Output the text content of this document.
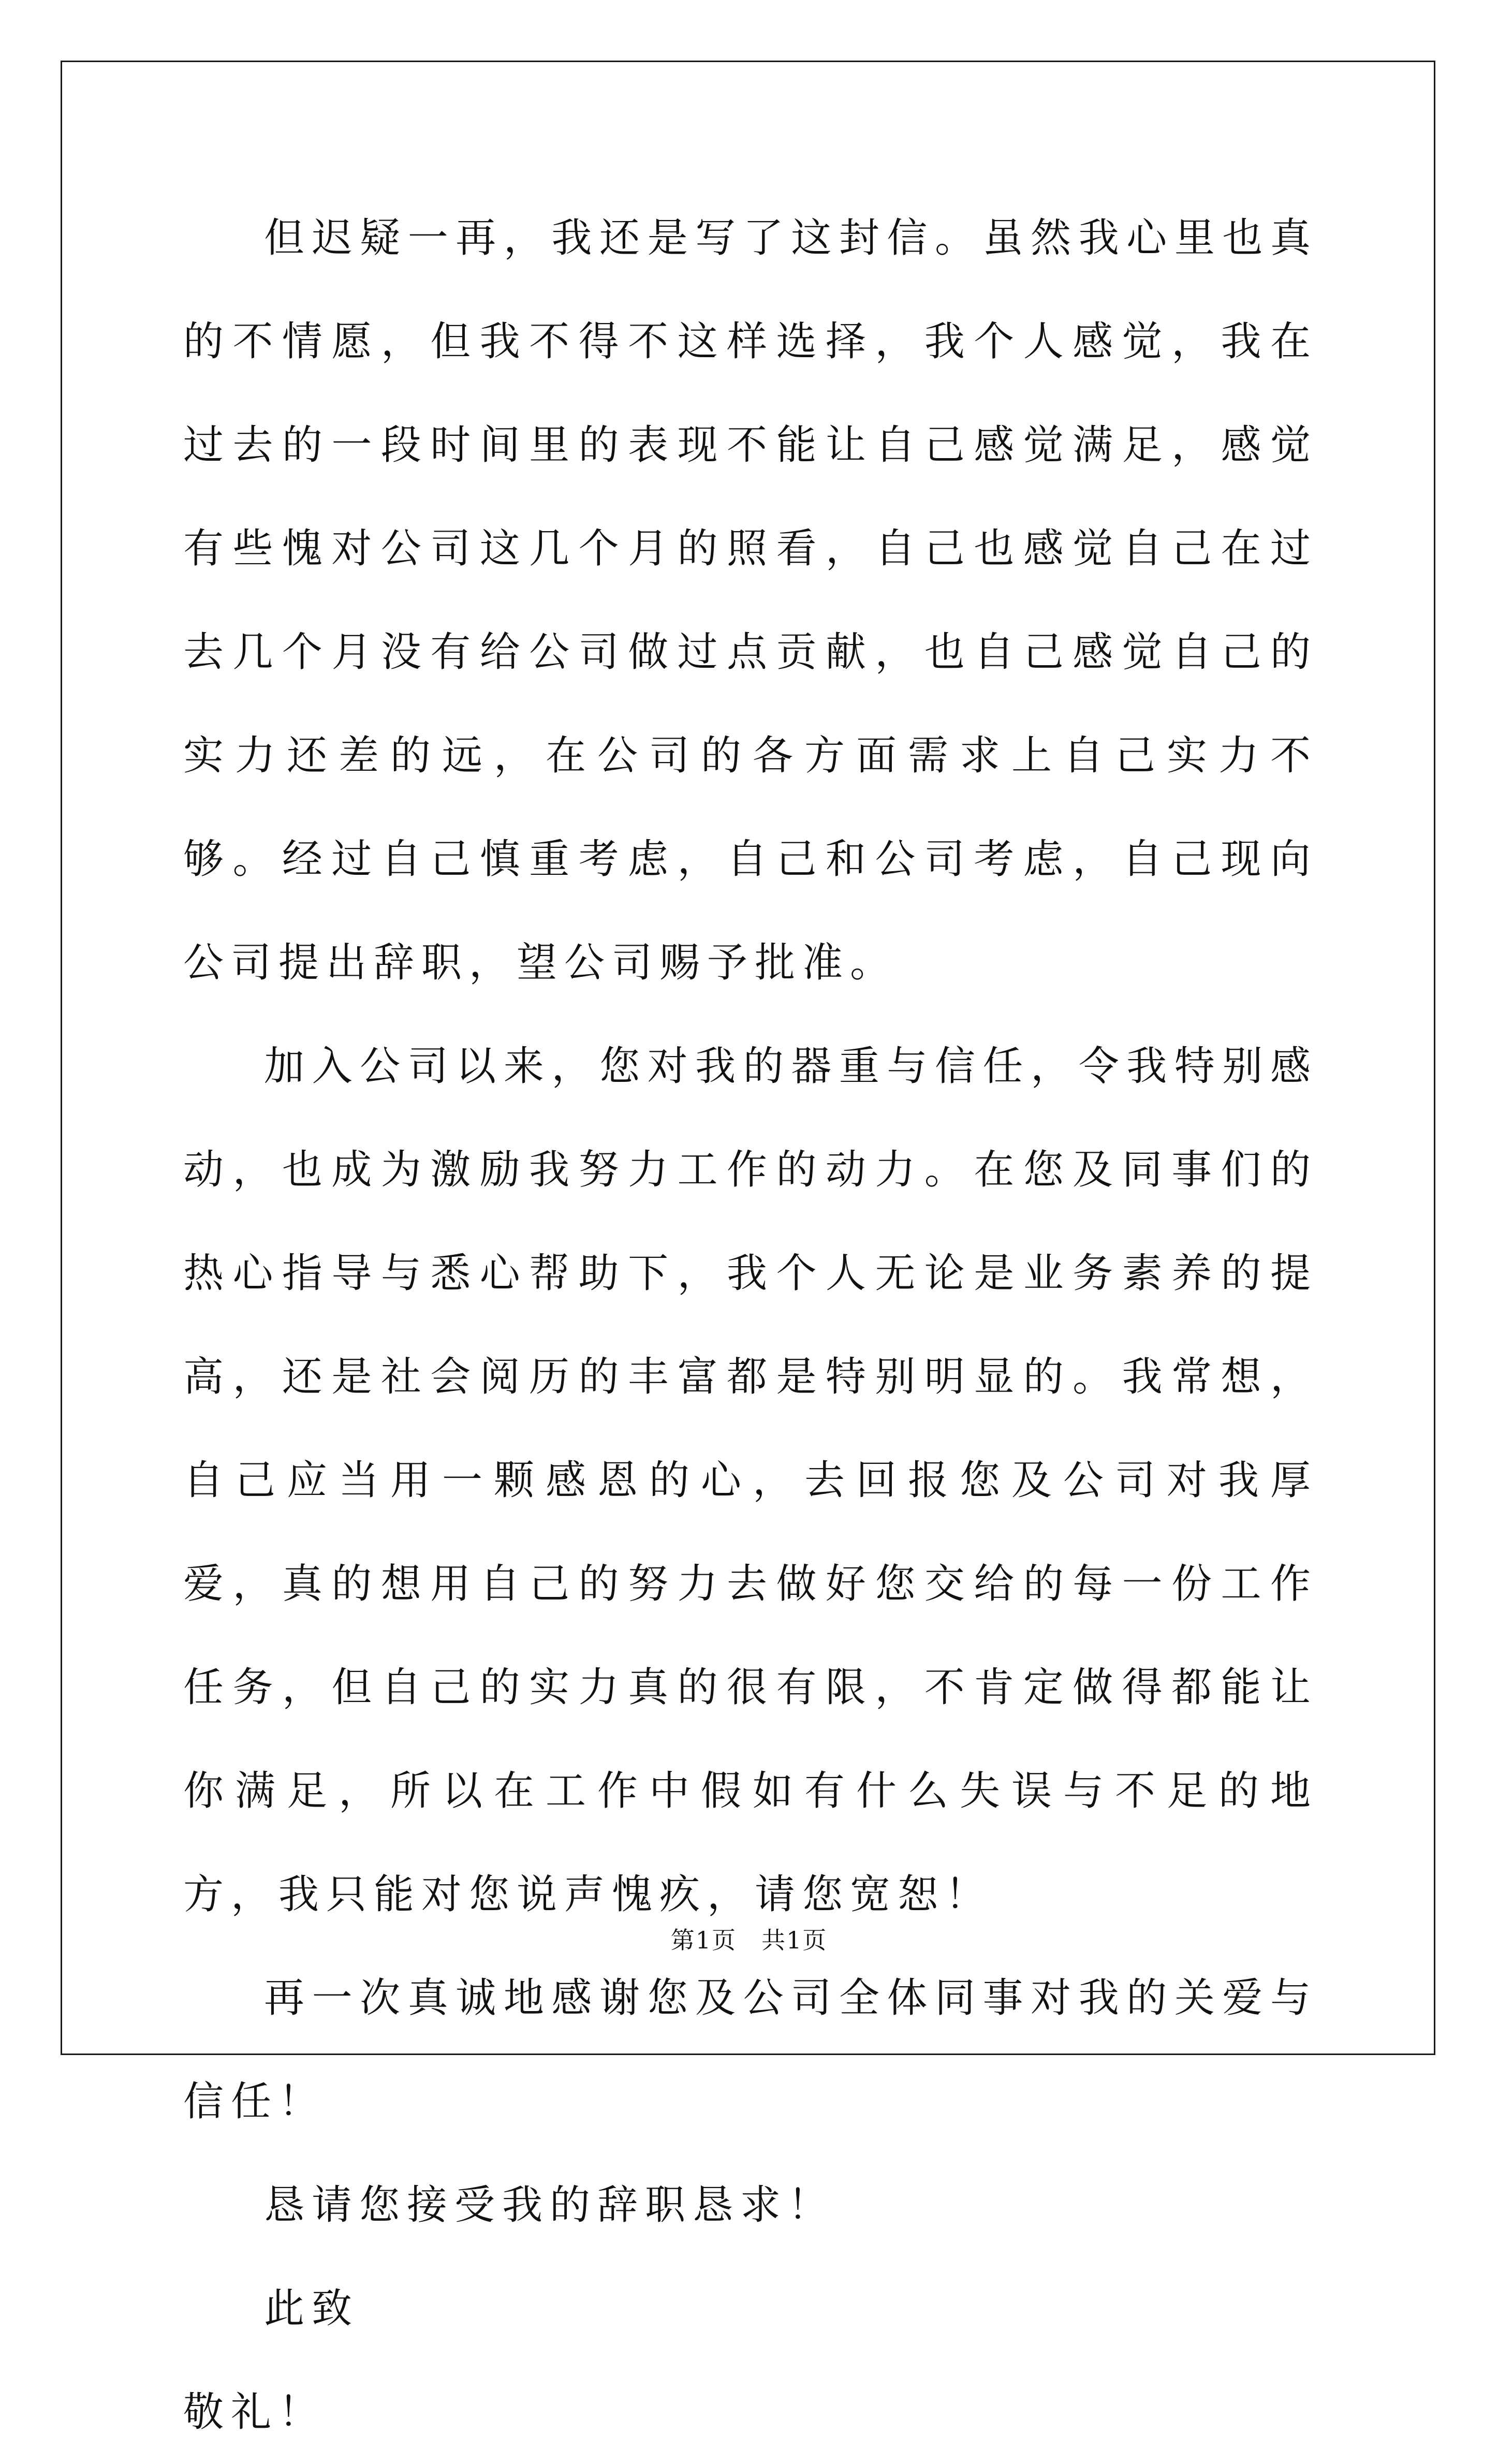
但迟疑一再，我还是写了这封信。虽然我心里也真的不情愿，但我不得不这样选择，我个人感觉，我在过去的一段时间里的表现不能让自己感觉满足，感觉有些愧对公司这几个月的照看，自己也感觉自己在过去几个月没有给公司做过点贡献，也自己感觉自己的实力还差的远，在公司的各方面需求上自己实力不够。经过自己慎重考虑，自己和公司考虑，自己现向公司提出辞职，望公司赐予批准。

加入公司以来，您对我的器重与信任，令我特别感动，也成为激励我努力工作的动力。在您及同事们的热心指导与悉心帮助下，我个人无论是业务素养的提高，还是社会阅历的丰富都是特别明显的。我常想，自己应当用一颗感恩的心，去回报您及公司对我厚爱，真的想用自己的努力去做好您交给的每一份工作任务，但自己的实力真的很有限，不肯定做得都能让你满足，所以在工作中假如有什么失误与不足的地方，我只能对您说声愧疚，请您宽恕！

再一次真诚地感谢您及公司全体同事对我的关爱与信任！

恳请您接受我的辞职恳求！

此致

敬礼！

第1页 共1页
